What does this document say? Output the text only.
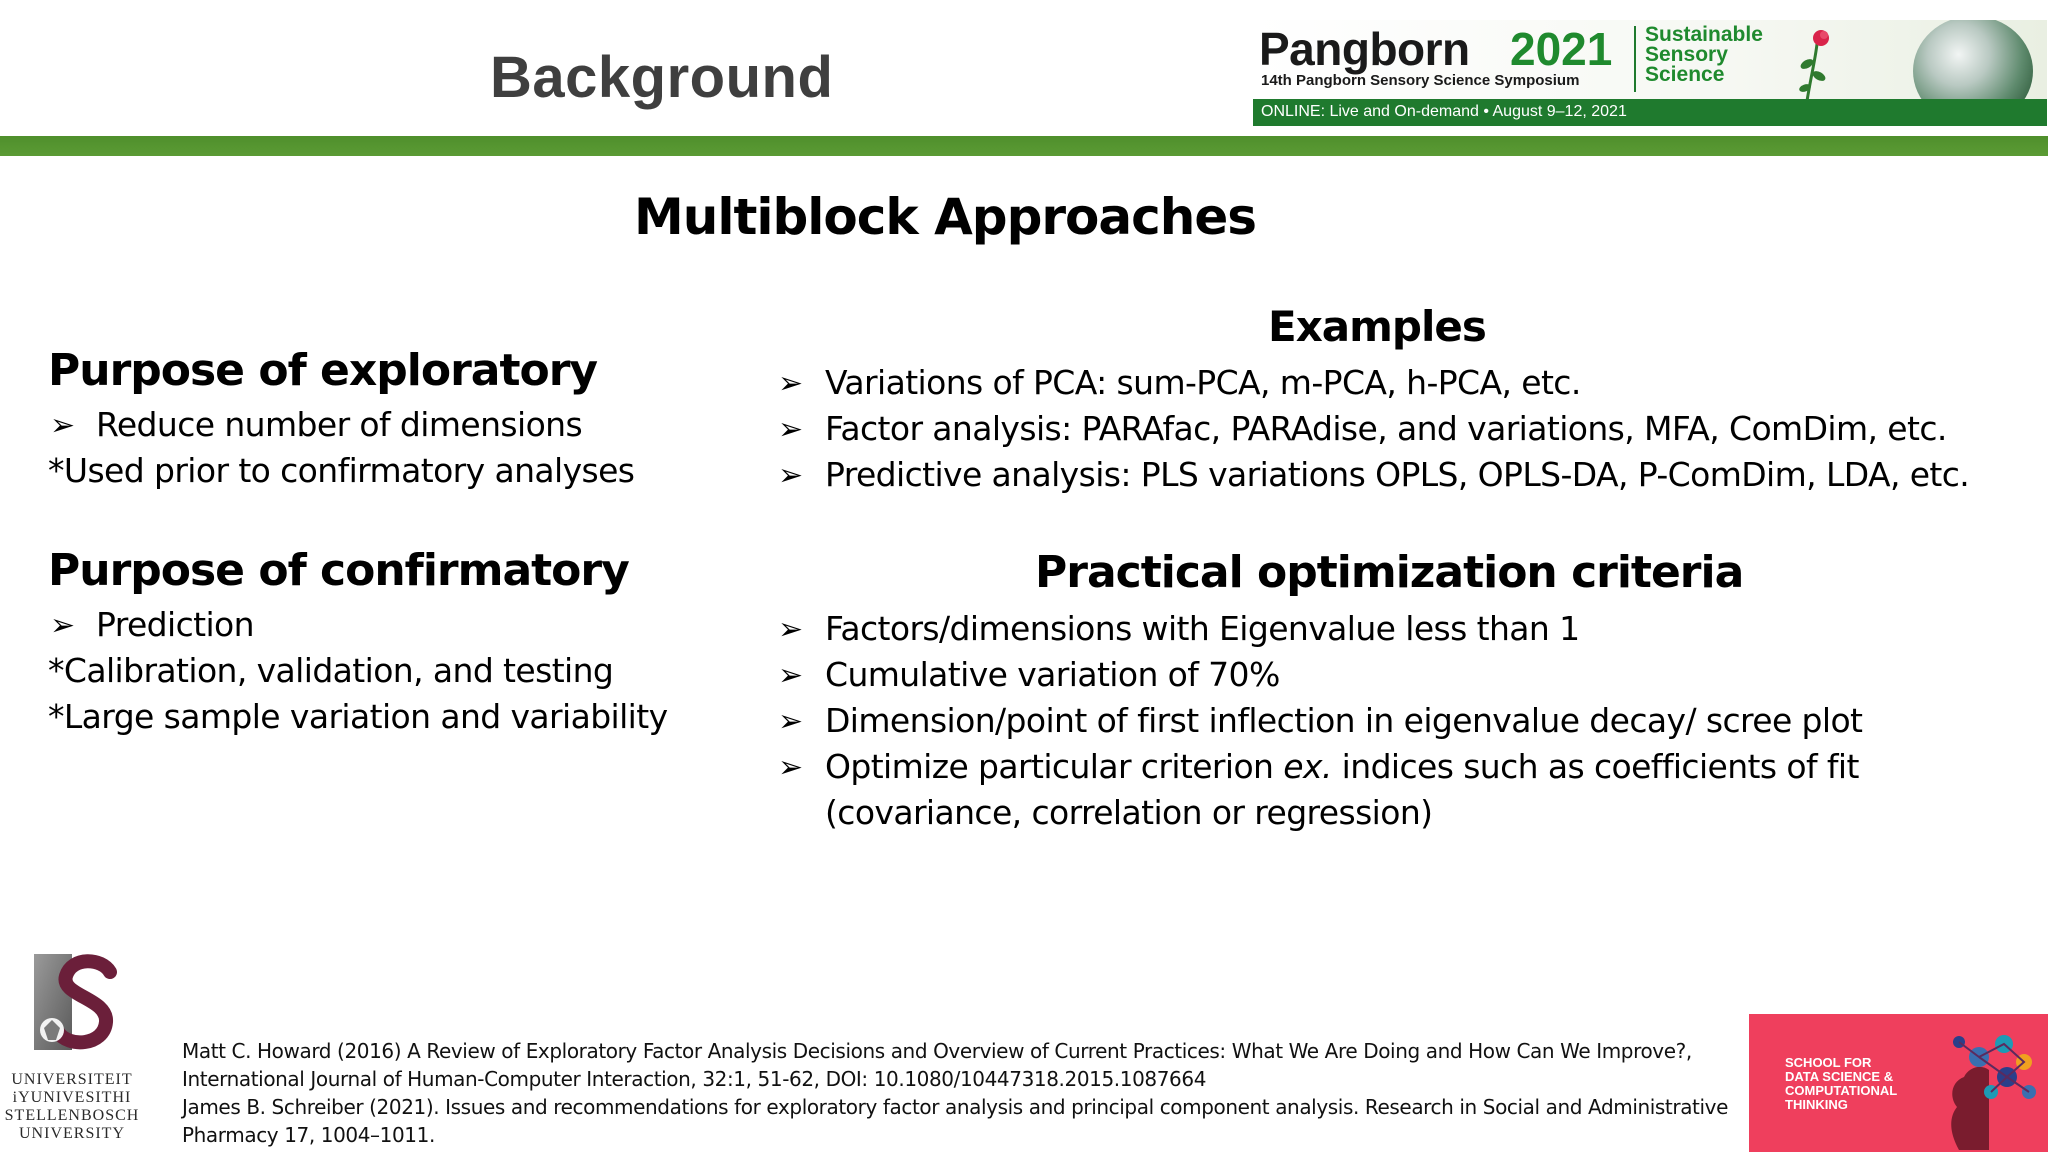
Background	Pangborn 2021
14th Pangborn Sensory Science Symposium
Sustainable
Sensory
Science
ONLINE: Live and On-demand • August 9–12, 2021
Multiblock Approaches
Purpose of exploratory
➢ Reduce number of dimensions
*Used prior to confirmatory analyses
Purpose of confirmatory
➢ Prediction
*Calibration, validation, and testing
*Large sample variation and variability
Examples
➢ Variations of PCA: sum-PCA, m-PCA, h-PCA, etc.
➢ Factor analysis: PARAfac, PARAdise, and variations, MFA, ComDim, etc.
➢ Predictive analysis: PLS variations OPLS, OPLS-DA, P-ComDim, LDA, etc.
Practical optimization criteria
➢ Factors/dimensions with Eigenvalue less than 1
➢ Cumulative variation of 70%
➢ Dimension/point of first inflection in eigenvalue decay/ scree plot
➢ Optimize particular criterion ex. indices such as coefficients of fit
(covariance, correlation or regression)
UNIVERSITEIT
iYUNIVESITHI
STELLENBOSCH
UNIVERSITY
Matt C. Howard (2016) A Review of Exploratory Factor Analysis Decisions and Overview of Current Practices: What We Are Doing and How Can We Improve?,
International Journal of Human-Computer Interaction, 32:1, 51-62, DOI: 10.1080/10447318.2015.1087664
James B. Schreiber (2021). Issues and recommendations for exploratory factor analysis and principal component analysis. Research in Social and Administrative
Pharmacy 17, 1004–1011.
SCHOOL FOR
DATA SCIENCE &
COMPUTATIONAL
THINKING
